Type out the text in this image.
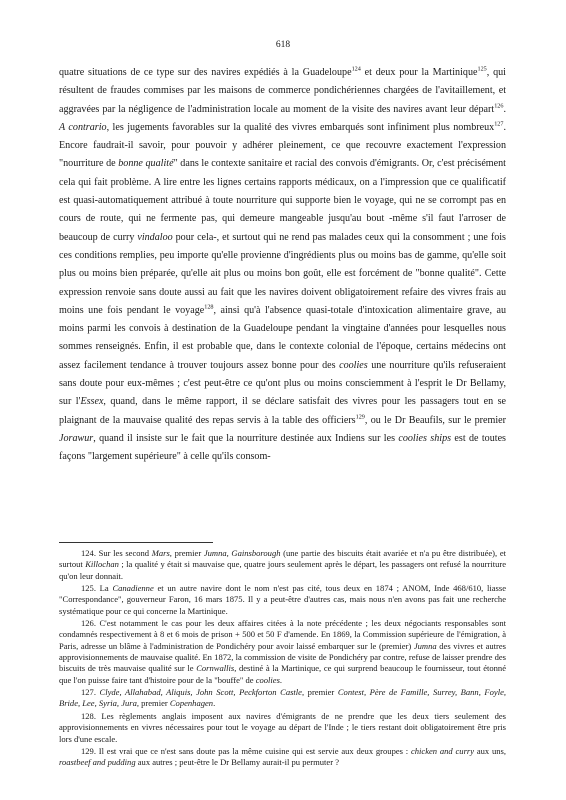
618

quatre situations de ce type sur des navires expédiés à la Guadeloupe$^{124}$ et deux pour la Martinique$^{125}$, qui résultent de fraudes commises par les maisons de commerce pondichériennes chargées de l'avitaillement, et aggravées par la négligence de l'administration locale au moment de la visite des navires avant leur départ$^{126}$. A contrario, les jugements favorables sur la qualité des vivres embarqués sont infiniment plus nombreux$^{127}$. Encore faudrait-il savoir, pour pouvoir y adhérer pleinement, ce que recouvre exactement l'expression "nourriture de bonne qualité" dans le contexte sanitaire et racial des convois d'émigrants. Or, c'est précisément cela qui fait problème. A lire entre les lignes certains rapports médicaux, on a l'impression que ce qualificatif est quasi-automatiquement attribué à toute nourriture qui supporte bien le voyage, qui ne se corrompt pas en cours de route, qui ne fermente pas, qui demeure mangeable jusqu'au bout -même s'il faut l'arroser de beaucoup de curry vindaloo pour cela-, et surtout qui ne rend pas malades ceux qui la consomment ; une fois ces conditions remplies, peu importe qu'elle provienne d'ingrédients plus ou moins bas de gamme, qu'elle soit plus ou moins bien préparée, qu'elle ait plus ou moins bon goût, elle est forcément de "bonne qualité". Cette expression renvoie sans doute aussi au fait que les navires doivent obligatoirement refaire des vivres frais au moins une fois pendant le voyage$^{128}$, ainsi qu'à l'absence quasi-totale d'intoxication alimentaire grave, au moins parmi les convois à destination de la Guadeloupe pendant la vingtaine d'années pour lesquelles nous sommes renseignés. Enfin, il est probable que, dans le contexte colonial de l'époque, certains médecins ont assez facilement tendance à trouver toujours assez bonne pour des coolies une nourriture qu'ils refuseraient sans doute pour eux-mêmes ; c'est peut-être ce qu'ont plus ou moins consciemment à l'esprit le Dr Bellamy, sur l'Essex, quand, dans le même rapport, il se déclare satisfait des vivres pour les passagers tout en se plaignant de la mauvaise qualité des repas servis à la table des officiers$^{129}$, ou le Dr Beaufils, sur le premier Jorawur, quand il insiste sur le fait que la nourriture destinée aux Indiens sur les coolies ships est de toutes façons "largement supérieure" à celle qu'ils consom-

124. Sur les second Mars, premier Jumna, Gainsborough (une partie des biscuits était avariée et n'a pu être distribuée), et surtout Killochan ; la qualité y était si mauvaise que, quatre jours seulement après le départ, les passagers ont refusé la nourriture qu'on leur donnait.

125. La Canadienne et un autre navire dont le nom n'est pas cité, tous deux en 1874 ; ANOM, Inde 468/610, liasse "Correspondance", gouverneur Faron, 16 mars 1875. Il y a peut-être d'autres cas, mais nous n'en avons pas fait une recherche systématique pour ce qui concerne la Martinique.

126. C'est notamment le cas pour les deux affaires citées à la note précédente ; les deux négociants responsables sont condamnés respectivement à 8 et 6 mois de prison + 500 et 50 F d'amende. En 1869, la Commission supérieure de l'émigration, à Paris, adresse un blâme à l'administration de Pondichéry pour avoir laissé embarquer sur le (premier) Jumna des vivres et autres approvisionnements de mauvaise qualité. En 1872, la commission de visite de Pondichéry par contre, refuse de laisser prendre des biscuits de très mauvaise qualité sur le Cornwallis, destiné à la Martinique, ce qui surprend beaucoup le fournisseur, tout étonné que l'on puisse faire tant d'histoire pour de la "bouffe" de coolies.

127. Clyde, Allahabad, Aliquis, John Scott, Peckforton Castle, premier Contest, Père de Famille, Surrey, Bann, Foyle, Bride, Lee, Syria, Jura, premier Copenhagen.

128. Les règlements anglais imposent aux navires d'émigrants de ne prendre que les deux tiers seulement des approvisionnements en vivres nécessaires pour tout le voyage au départ de l'Inde ; le tiers restant doit obligatoirement être pris lors d'une escale.

129. Il est vrai que ce n'est sans doute pas la même cuisine qui est servie aux deux groupes : chicken and curry aux uns, roastbeef and pudding aux autres ; peut-être le Dr Bellamy aurait-il pu permuter ?
